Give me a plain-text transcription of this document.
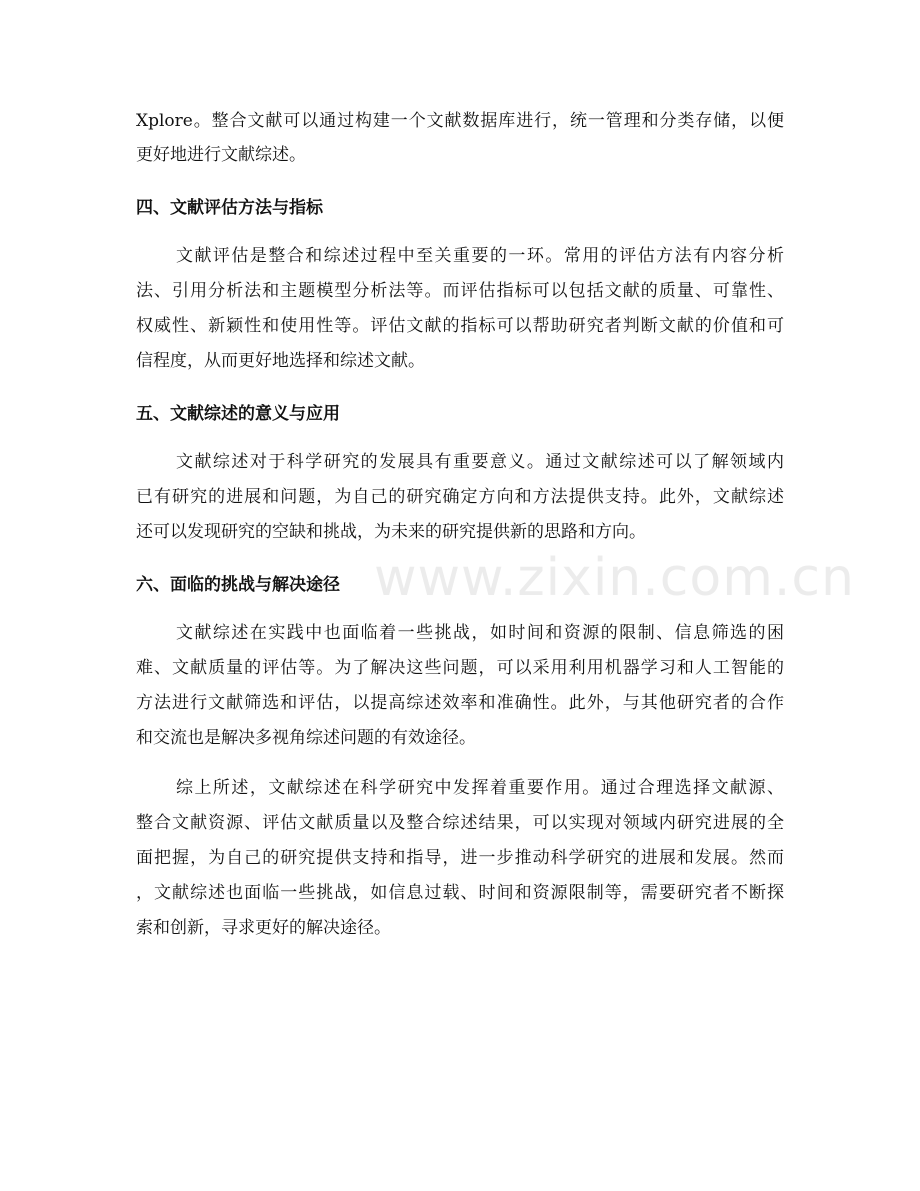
www.zixin.com.cn
Xplore。整合文献可以通过构建一个文献数据库进行，统一管理和分类存储，以便
更好地进行文献综述。
四、文献评估方法与指标
文献评估是整合和综述过程中至关重要的一环。常用的评估方法有内容分析
法、引用分析法和主题模型分析法等。而评估指标可以包括文献的质量、可靠性、
权威性、新颖性和使用性等。评估文献的指标可以帮助研究者判断文献的价值和可
信程度，从而更好地选择和综述文献。
五、文献综述的意义与应用
文献综述对于科学研究的发展具有重要意义。通过文献综述可以了解领域内
已有研究的进展和问题，为自己的研究确定方向和方法提供支持。此外，文献综述
还可以发现研究的空缺和挑战，为未来的研究提供新的思路和方向。
六、面临的挑战与解决途径
文献综述在实践中也面临着一些挑战，如时间和资源的限制、信息筛选的困
难、文献质量的评估等。为了解决这些问题，可以采用利用机器学习和人工智能的
方法进行文献筛选和评估，以提高综述效率和准确性。此外，与其他研究者的合作
和交流也是解决多视角综述问题的有效途径。
综上所述，文献综述在科学研究中发挥着重要作用。通过合理选择文献源、
整合文献资源、评估文献质量以及整合综述结果，可以实现对领域内研究进展的全
面把握，为自己的研究提供支持和指导，进一步推动科学研究的进展和发展。然而
，文献综述也面临一些挑战，如信息过载、时间和资源限制等，需要研究者不断探
索和创新，寻求更好的解决途径。
